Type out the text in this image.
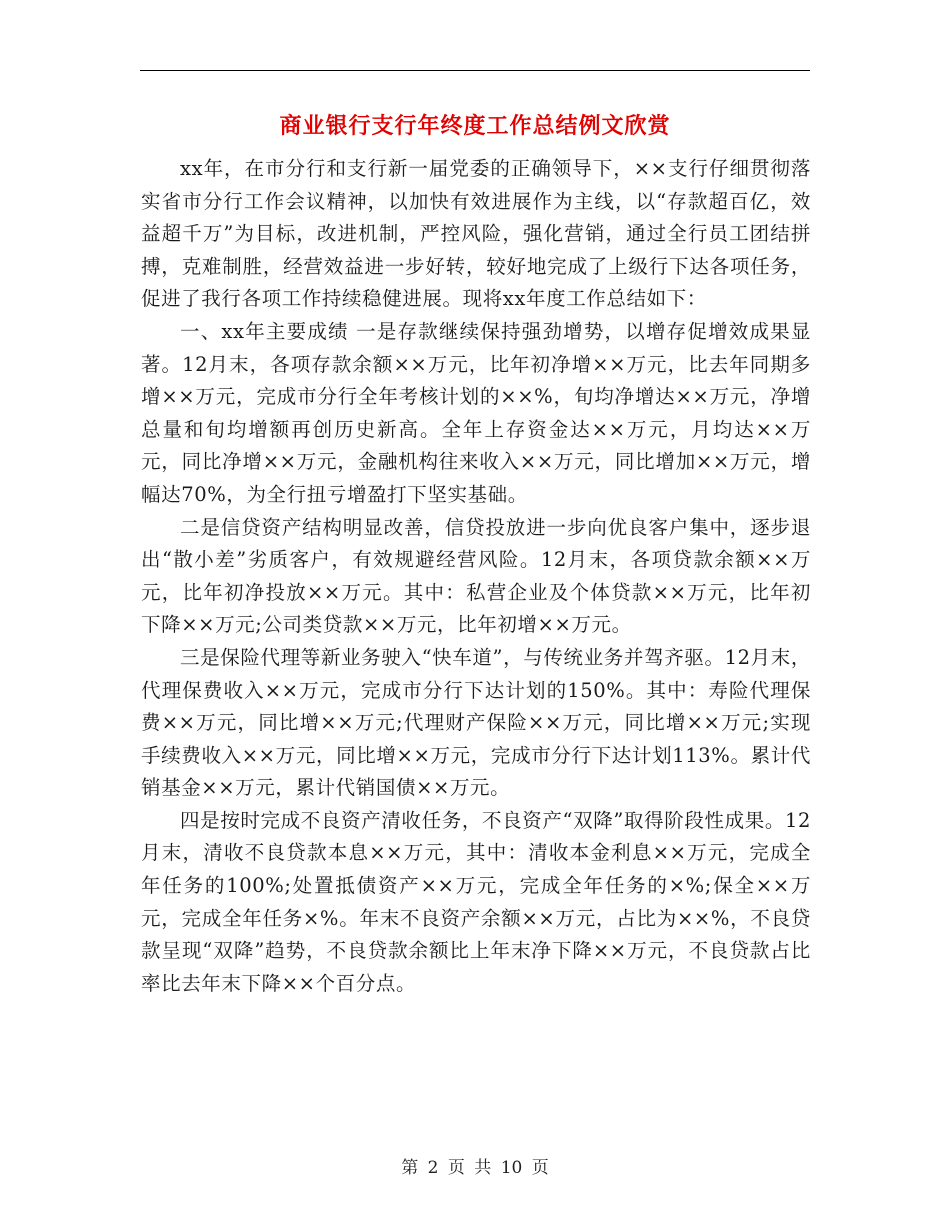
商业银行支行年终度工作总结例文欣赏

xx年，在市分行和支行新一届党委的正确领导下，××支行仔细贯彻落实省市分行工作会议精神，以加快有效进展作为主线，以“存款超百亿，效益超千万”为目标，改进机制，严控风险，强化营销，通过全行员工团结拼搏，克难制胜，经营效益进一步好转，较好地完成了上级行下达各项任务，促进了我行各项工作持续稳健进展。现将xx年度工作总结如下：

一、xx年主要成绩 一是存款继续保持强劲增势，以增存促增效成果显著。12月末，各项存款余额××万元，比年初净增××万元，比去年同期多增××万元，完成市分行全年考核计划的××%，旬均净增达××万元，净增总量和旬均增额再创历史新高。全年上存资金达××万元，月均达××万元，同比净增××万元，金融机构往来收入××万元，同比增加××万元，增幅达70%，为全行扭亏增盈打下坚实基础。

二是信贷资产结构明显改善，信贷投放进一步向优良客户集中，逐步退出“散小差”劣质客户，有效规避经营风险。12月末，各项贷款余额××万元，比年初净投放××万元。其中：私营企业及个体贷款××万元，比年初下降××万元;公司类贷款××万元，比年初增××万元。

三是保险代理等新业务驶入“快车道”，与传统业务并驾齐驱。12月末，代理保费收入××万元，完成市分行下达计划的150%。其中：寿险代理保费××万元，同比增××万元;代理财产保险××万元，同比增××万元;实现手续费收入××万元，同比增××万元，完成市分行下达计划113%。累计代销基金××万元，累计代销国债××万元。

四是按时完成不良资产清收任务，不良资产“双降”取得阶段性成果。12月末，清收不良贷款本息××万元，其中：清收本金利息××万元，完成全年任务的100%;处置抵债资产××万元，完成全年任务的×%;保全××万元，完成全年任务×%。年末不良资产余额××万元，占比为××%，不良贷款呈现“双降”趋势，不良贷款余额比上年末净下降××万元，不良贷款占比率比去年末下降××个百分点。

第 2 页 共 10 页
